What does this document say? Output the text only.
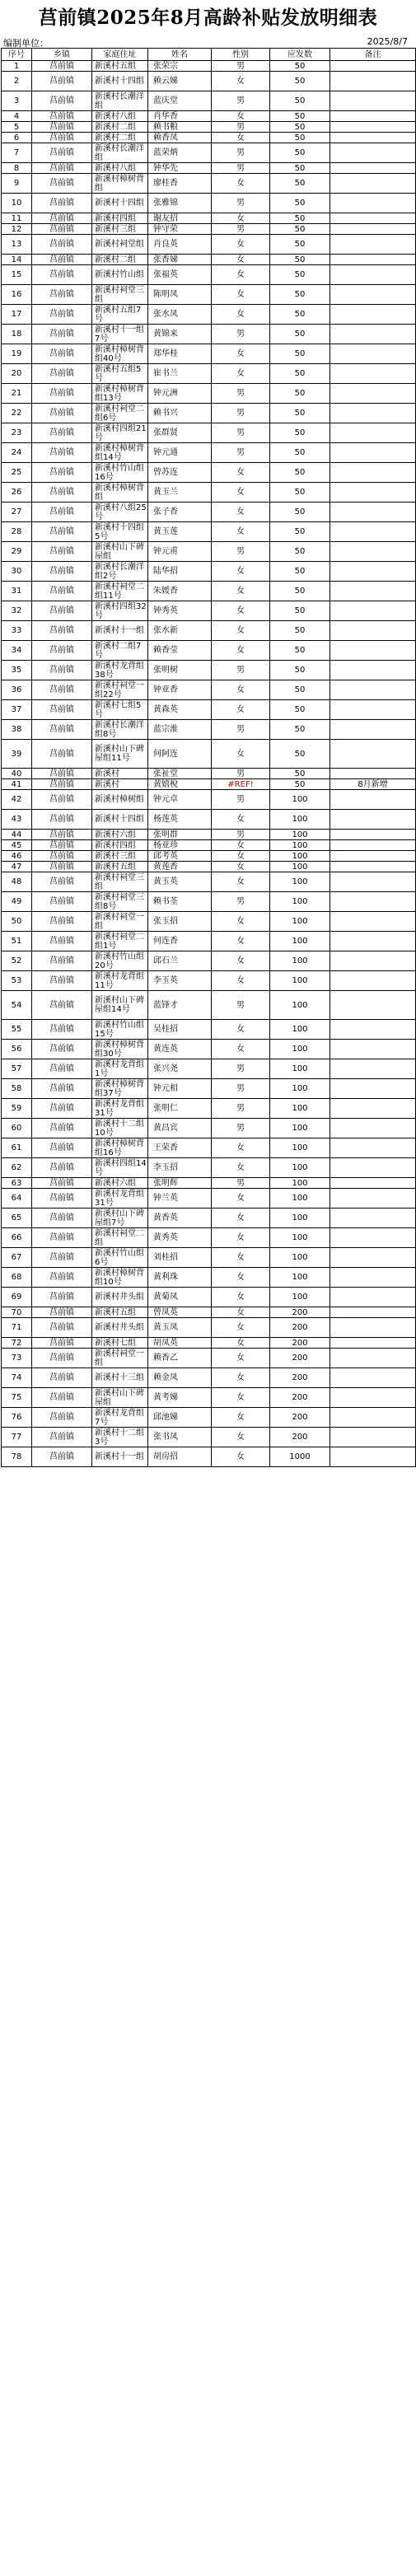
莒前镇2025年8月高龄补贴发放明细表
编制单位：	2025/8/7
序号	乡镇	家庭住址	姓名	性别	应发数	备注
1	莒前镇	新溪村五组	张荣宗	男	50	
2	莒前镇	新溪村十四组	赖云娣	女	50	
3	莒前镇	新溪村长潮洋组	蓝庆堂	男	50	
4	莒前镇	新溪村八组	肖华香	女	50	
5	莒前镇	新溪村二组	赖书粮	男	50	
6	莒前镇	新溪村二组	赖香凤	女	50	
7	莒前镇	新溪村长潮洋组	蓝荣炳	男	50	
8	莒前镇	新溪村八组	钟华先	男	50	
9	莒前镇	新溪村樟树背组	廖桂香	女	50	
10	莒前镇	新溪村十四组	张雅锦	男	50	
11	莒前镇	新溪村四组	谢友招	女	50	
12	莒前镇	新溪村三组	钟守荣	男	50	
13	莒前镇	新溪村祠堂组	肖良英	女	50	
14	莒前镇	新溪村二组	张香娣	女	50	
15	莒前镇	新溪村竹山组	张福英	女	50	
16	莒前镇	新溪村祠堂三组	陈明凤	女	50	
17	莒前镇	新溪村五组7号	张水凤	女	50	
18	莒前镇	新溪村十一组7号	黄锦来	男	50	
19	莒前镇	新溪村樟树背组40号	郑华桂	女	50	
20	莒前镇	新溪村五组5号	崔书兰	女	50	
21	莒前镇	新溪村樟树背组13号	钟元洲	男	50	
22	莒前镇	新溪村祠堂二组6号	赖书兴	男	50	
23	莒前镇	新溪村四组21号	张群贤	男	50	
24	莒前镇	新溪村樟树背组14号	钟元通	男	50	
25	莒前镇	新溪村竹山组16号	曾苏连	女	50	
26	莒前镇	新溪村樟树背组	黄玉兰	女	50	
27	莒前镇	新溪村八组25号	张子香	女	50	
28	莒前镇	新溪村十四组5号	黄玉莲	女	50	
29	莒前镇	新溪村山下碑屋组	钟元甫	男	50	
30	莒前镇	新溪村长潮洋组2号	陆华招	女	50	
31	莒前镇	新溪村祠堂二组11号	朱媛香	女	50	
32	莒前镇	新溪村四组32号	钟秀英	女	50	
33	莒前镇	新溪村十一组	张水新	女	50	
34	莒前镇	新溪村二组7号	赖香莹	女	50	
35	莒前镇	新溪村龙背组38号	张明树	男	50	
36	莒前镇	新溪村祠堂一组22号	钟亚香	女	50	
37	莒前镇	新溪村七组5号	黄森英	女	50	
38	莒前镇	新溪村长潮洋组8号	蓝宗淮	男	50	
39	莒前镇	新溪村山下碑屋组11号	何阿连	女	50	
40	莒前镇	新溪村	张祉堂	男	50	
41	莒前镇	新溪村	黄嬉梲	#REF!	50	8月新增
42	莒前镇	新溪村樟树组	钟元卓	男	100	
43	莒前镇	新溪村十四组	杨莲英	女	100	
44	莒前镇	新溪村六组	张明群	男	100	
45	莒前镇	新溪村四组	杨亚珍	女	100	
46	莒前镇	新溪村三组	邱考英	女	100	
47	莒前镇	新溪村五组	黄莲香	女	100	
48	莒前镇	新溪村祠堂三组	黄玉英	女	100	
49	莒前镇	新溪村祠堂三组8号	赖书荃	男	100	
50	莒前镇	新溪村祠堂一组	张玉招	女	100	
51	莒前镇	新溪村祠堂二组1号	何连香	女	100	
52	莒前镇	新溪村竹山组20号	邱石兰	女	100	
53	莒前镇	新溪村龙背组11号	李玉英	女	100	
54	莒前镇	新溪村山下碑屋组14号	蓝锋才	男	100	
55	莒前镇	新溪村竹山组15号	吴桂招	女	100	
56	莒前镇	新溪村樟树背组30号	黄连英	女	100	
57	莒前镇	新溪村龙背组1号	张兴尧	男	100	
58	莒前镇	新溪村樟树背组37号	钟元相	男	100	
59	莒前镇	新溪村龙背组31号	张明仁	男	100	
60	莒前镇	新溪村十二组10号	黄昌宾	男	100	
61	莒前镇	新溪村樟树背组16号	王荣香	女	100	
62	莒前镇	新溪村四组14号	李玉招	女	100	
63	莒前镇	新溪村六组	张明辉	男	100	
64	莒前镇	新溪村龙背组31号	钟兰英	女	100	
65	莒前镇	新溪村山下碑屋组7号	黄香英	女	100	
66	莒前镇	新溪村祠堂二组	黄秀英	女	100	
67	莒前镇	新溪村竹山组6号	刘桂招	女	100	
68	莒前镇	新溪村樟树背组10号	黄利珠	女	100	
69	莒前镇	新溪村井头组	黄菊凤	女	100	
70	莒前镇	新溪村五组	曾凤英	女	200	
71	莒前镇	新溪村井头组	黄玉凤	女	200	
72	莒前镇	新溪村七组	胡凤英	女	200	
73	莒前镇	新溪村祠堂一组	赖香乙	女	200	
74	莒前镇	新溪村十三组	赖金凤	女	200	
75	莒前镇	新溪村山下碑屋组	黄考娣	女	200	
76	莒前镇	新溪村龙背组7号	邱池娣	女	200	
77	莒前镇	新溪村十二组3号	张书凤	女	200	
78	莒前镇	新溪村十一组	胡房招	女	1000	
